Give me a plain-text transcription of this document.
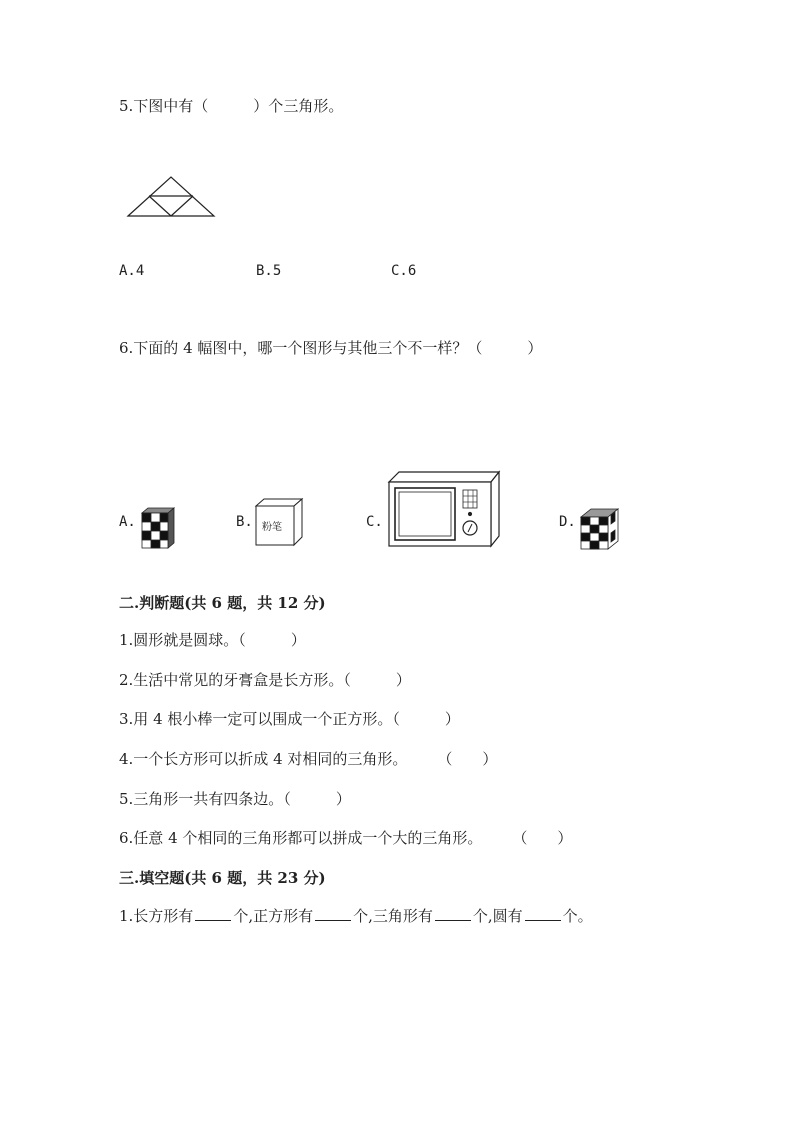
5.下图中有（　　　）个三角形。
A.4	B.5	C.6
6.下面的 4 幅图中，哪一个图形与其他三个不一样？（　　　）
A.	B. 粉笔	C.	D.
二.判断题(共 6 题，共 12 分)
1.圆形就是圆球。（　　　）
2.生活中常见的牙膏盒是长方形。（　　　）
3.用 4 根小棒一定可以围成一个正方形。（　　　）
4.一个长方形可以折成 4 对相同的三角形。　　　（　　）
5.三角形一共有四条边。（　　　）
6.任意 4 个相同的三角形都可以拼成一个大的三角形。　　　（　　）
三.填空题(共 6 题，共 23 分)
1.长方形有	个,正方形有	个,三角形有	个,圆有	个。
